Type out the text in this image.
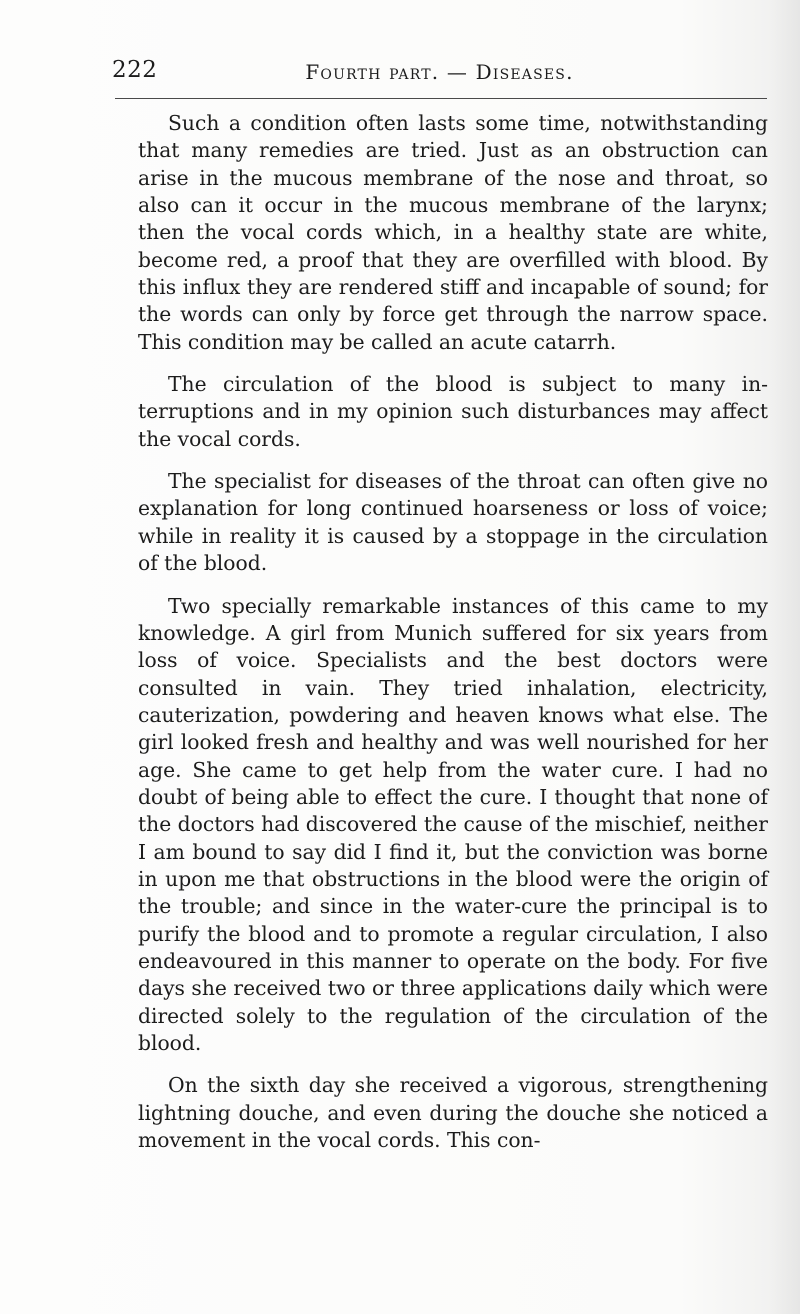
222	Fourth part. — Diseases.

Such a condition often lasts some time, notwithstanding that many remedies are tried. Just as an obstruction can arise in the mucous membrane of the nose and throat, so also can it occur in the mucous membrane of the larynx; then the vocal cords which, in a healthy state are white, become red, a proof that they are overfilled with blood. By this influx they are rendered stiff and incapable of sound; for the words can only by force get through the narrow space. This condition may be called an acute catarrh.

The circulation of the blood is subject to many interruptions and in my opinion such disturbances may affect the vocal cords.

The specialist for diseases of the throat can often give no explanation for long continued hoarseness or loss of voice; while in reality it is caused by a stoppage in the circulation of the blood.

Two specially remarkable instances of this came to my knowledge. A girl from Munich suffered for six years from loss of voice. Specialists and the best doctors were consulted in vain. They tried inhalation, electricity, cauterization, powdering and heaven knows what else. The girl looked fresh and healthy and was well nourished for her age. She came to get help from the water cure. I had no doubt of being able to effect the cure. I thought that none of the doctors had discovered the cause of the mischief, neither I am bound to say did I find it, but the conviction was borne in upon me that obstructions in the blood were the origin of the trouble; and since in the water-cure the principal is to purify the blood and to promote a regular circulation, I also endeavoured in this manner to operate on the body. For five days she received two or three applications daily which were directed solely to the regulation of the circulation of the blood.

On the sixth day she received a vigorous, strengthening lightning douche, and even during the douche she noticed a movement in the vocal cords. This con-
